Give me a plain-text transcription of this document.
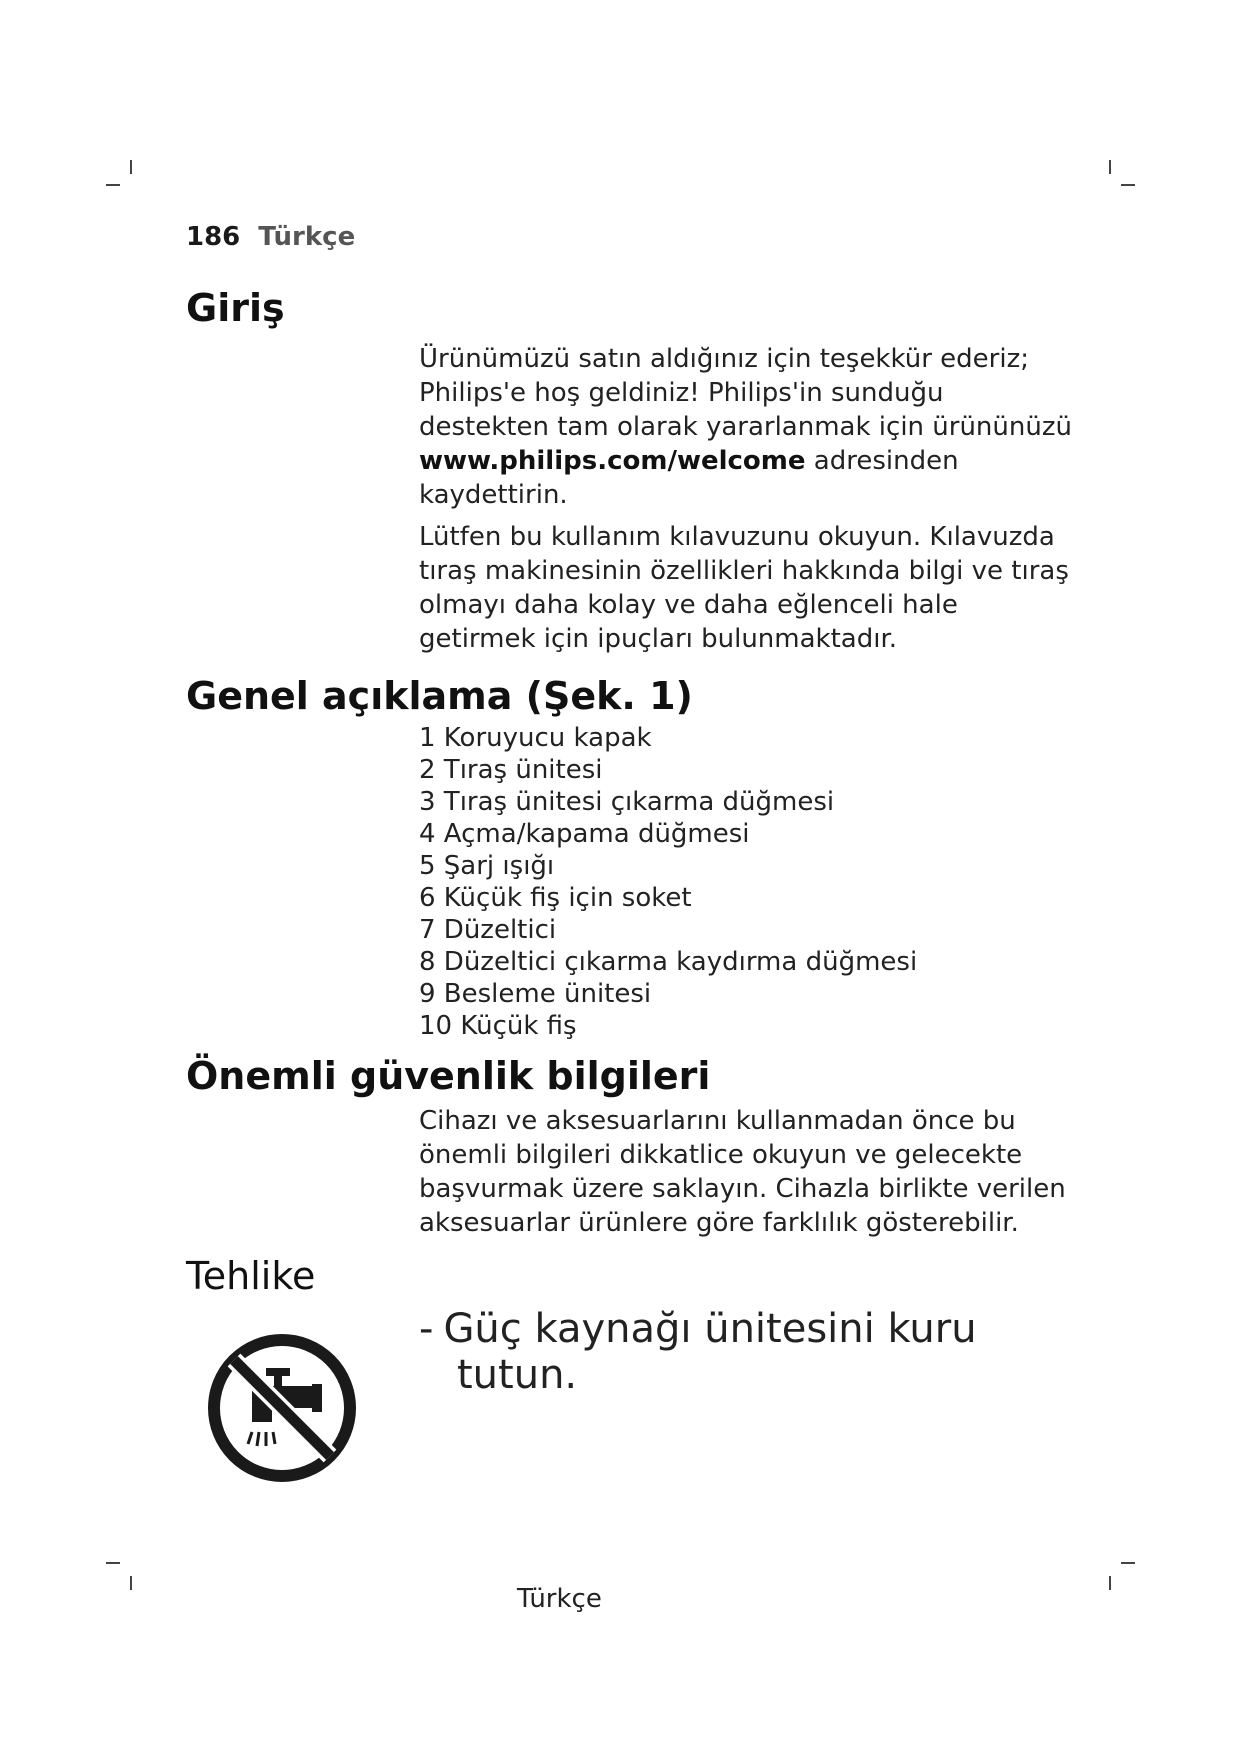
186 Türkçe
Giriş

Ürünümüzü satın aldığınız için teşekkür ederiz; Philips'e hoş geldiniz! Philips'in sunduğu destekten tam olarak yararlanmak için ürününüzü www.philips.com/welcome adresinden kaydettirin.

Lütfen bu kullanım kılavuzunu okuyun. Kılavuzda tıraş makinesinin özellikleri hakkında bilgi ve tıraş olmayı daha kolay ve daha eğlenceli hale getirmek için ipuçları bulunmaktadır.

Genel açıklama (Şek. 1)
1 Koruyucu kapak
2 Tıraş ünitesi
3 Tıraş ünitesi çıkarma düğmesi
4 Açma/kapama düğmesi
5 Şarj ışığı
6 Küçük fiş için soket
7 Düzeltici
8 Düzeltici çıkarma kaydırma düğmesi
9 Besleme ünitesi
10 Küçük fiş
Önemli güvenlik bilgileri

Cihazı ve aksesuarlarını kullanmadan önce bu önemli bilgileri dikkatlice okuyun ve gelecekte başvurmak üzere saklayın. Cihazla birlikte verilen aksesuarlar ürünlere göre farklılık gösterebilir.

Tehlike
- Güç kaynağı ünitesini kuru
tutun.
Türkçe
